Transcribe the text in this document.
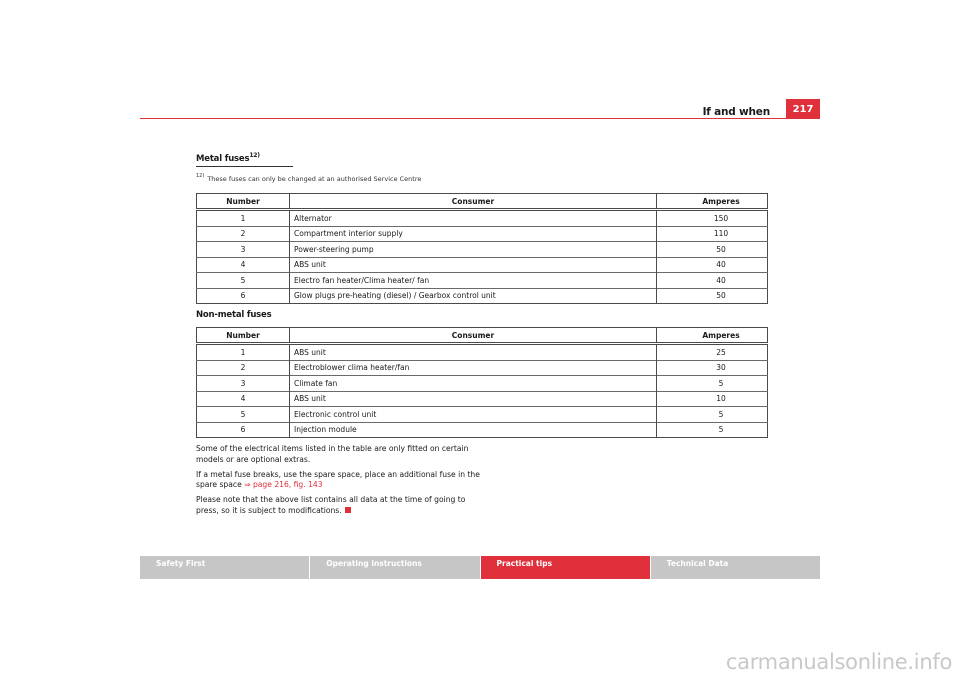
If and when	217
Metal fuses$^{12)}$
$^{12)}$ These fuses can only be changed at an authorised Service Centre
Number	Consumer	Amperes
1	Alternator	150
2	Compartment interior supply	110
3	Power-steering pump	50
4	ABS unit	40
5	Electro fan heater/Clima heater/ fan	40
6	Glow plugs pre-heating (diesel) / Gearbox control unit	50
Non-metal fuses
Number	Consumer	Amperes
1	ABS unit	25
2	Electroblower clima heater/fan	30
3	Climate fan	5
4	ABS unit	10
5	Electronic control unit	5
6	Injection module	5

Some of the electrical items listed in the table are only fitted on certain models or are optional extras.

If a metal fuse breaks, use the spare space, place an additional fuse in the spare space ⇒ page 216, fig. 143

Please note that the above list contains all data at the time of going to press, so it is subject to modifications.

Safety First	Operating instructions	Practical tips	Technical Data
carmanualsonline.info
